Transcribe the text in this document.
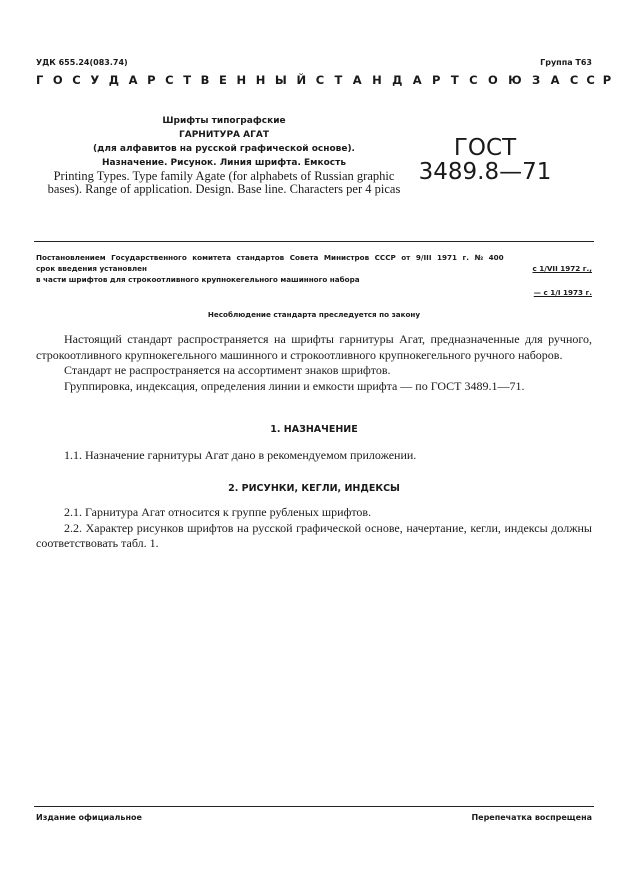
УДК 655.24(083.74)	Группа Т63
ГОСУДАРСТВЕННЫЙ СТАНДАРТ СОЮЗА ССР
Шрифты типографские
ГАРНИТУРА АГАТ
(для алфавитов на русской графической основе).
Назначение. Рисунок. Линия шрифта. Емкость
Printing Types. Type family Agate (for alphabets of Russian graphic bases). Range of application. Design. Base line. Characters per 4 picas
ГОСТ
3489.8—71
Постановлением Государственного комитета стандартов Совета Министров СССР от 9/III 1971 г. № 400
срок введения установлен	с 1/VII 1972 г.,
в части шрифтов для строкоотливного крупнокегельного машинного набора
— с 1/I 1973 г.
Несоблюдение стандарта преследуется по закону
Настоящий стандарт распространяется на шрифты гарнитуры Агат, предназначенные для ручного, строкоотливного крупнокегельного машинного и строкоотливного крупнокегельного ручного наборов.
Стандарт не распространяется на ассортимент знаков шрифтов.
Группировка, индексация, определения линии и емкости шрифта — по ГОСТ 3489.1—71.
1. НАЗНАЧЕНИЕ
1.1. Назначение гарнитуры Агат дано в рекомендуемом приложении.
2. РИСУНКИ, КЕГЛИ, ИНДЕКСЫ
2.1. Гарнитура Агат относится к группе рубленых шрифтов.
2.2. Характер рисунков шрифтов на русской графической основе, начертание, кегли, индексы должны соответствовать табл. 1.
Издание официальное	Перепечатка воспрещена
